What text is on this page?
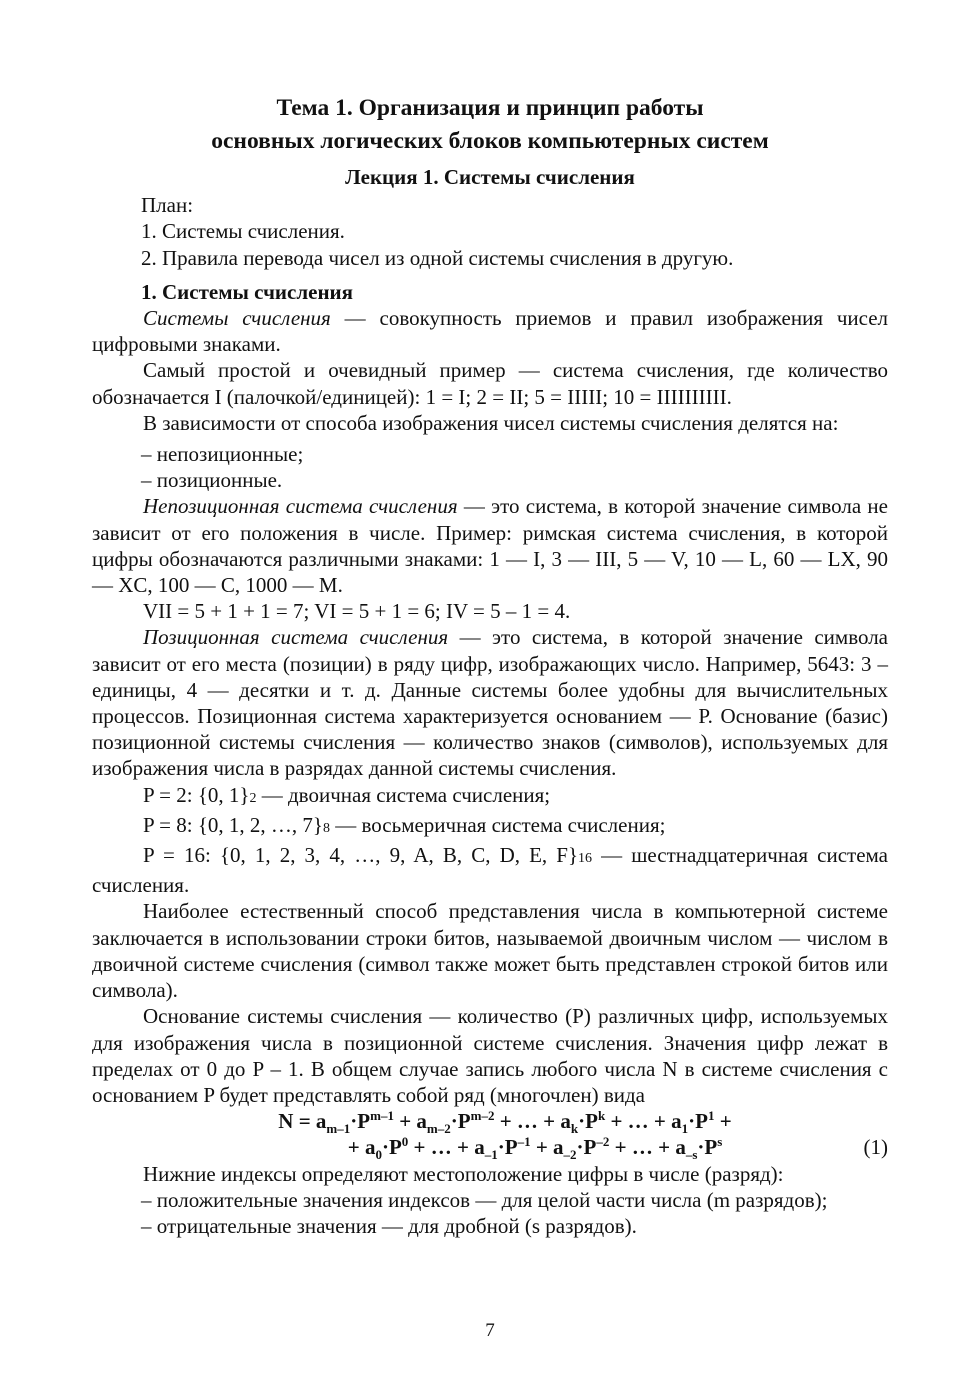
Тема 1. Организация и принцип работы

основных логических блоков компьютерных систем

Лекция 1. Системы счисления

План:

1. Системы счисления.

2. Правила перевода чисел из одной системы счисления в другую.

1. Системы счисления

Системы счисления — совокупность приемов и правил изображения чисел цифровыми знаками.

Самый простой и очевидный пример — система счисления, где количество обозначается I (палочкой/единицей): 1 = I; 2 = II; 5 = IIIII; 10 = IIIIIIIIII.

В зависимости от способа изображения чисел системы счисления делятся на:

– непозиционные;

– позиционные.

Непозиционная система счисления — это система, в которой значение символа не зависит от его положения в числе. Пример: римская система счисления, в которой цифры обозначаются различными знаками: 1 — I, 3 — III, 5 — V, 10 — L, 60 — LX, 90 — XC, 100 — C, 1000 — M.

VII = 5 + 1 + 1 = 7; VI = 5 + 1 = 6; IV = 5 – 1 = 4.

Позиционная система счисления — это система, в которой значение символа зависит от его места (позиции) в ряду цифр, изображающих число. Например, 5643: 3 – единицы, 4 — десятки и т. д. Данные системы более удобны для вычислительных процессов. Позиционная система характеризуется основанием — P. Основание (базис) позиционной системы счисления — количество знаков (символов), используемых для изображения числа в разрядах данной системы счисления.

P = 2: {0, 1}2 — двоичная система счисления;

P = 8: {0, 1, 2, …, 7}8 — восьмеричная система счисления;

P = 16: {0, 1, 2, 3, 4, …, 9, A, B, C, D, E, F}16 — шестнадцатеричная система счисления.

Наиболее естественный способ представления числа в компьютерной системе заключается в использовании строки битов, называемой двоичным числом — числом в двоичной системе счисления (символ также может быть представлен строкой битов или символа).

Основание системы счисления — количество (P) различных цифр, используемых для изображения числа в позиционной системе счисления. Значения цифр лежат в пределах от 0 до P – 1. В общем случае запись любого числа N в системе счисления с основанием P будет представлять собой ряд (многочлен) вида

$N = a_{m-1}\cdot P^{m-1} + a_{m-2}\cdot P^{m-2}$ + … + $a_k\cdot P^k$ + … + $a_1\cdot P^1$ +

+ $a_0\cdot P^0$ + … + $a_{-1}\cdot P^{-1} + a_{-2}\cdot P^{-2}$ + … + $a_{-s}\cdot P^s$	(1)

Нижние индексы определяют местоположение цифры в числе (разряд):

– положительные значения индексов — для целой части числа (m разрядов);

– отрицательные значения — для дробной (s разрядов).

7
